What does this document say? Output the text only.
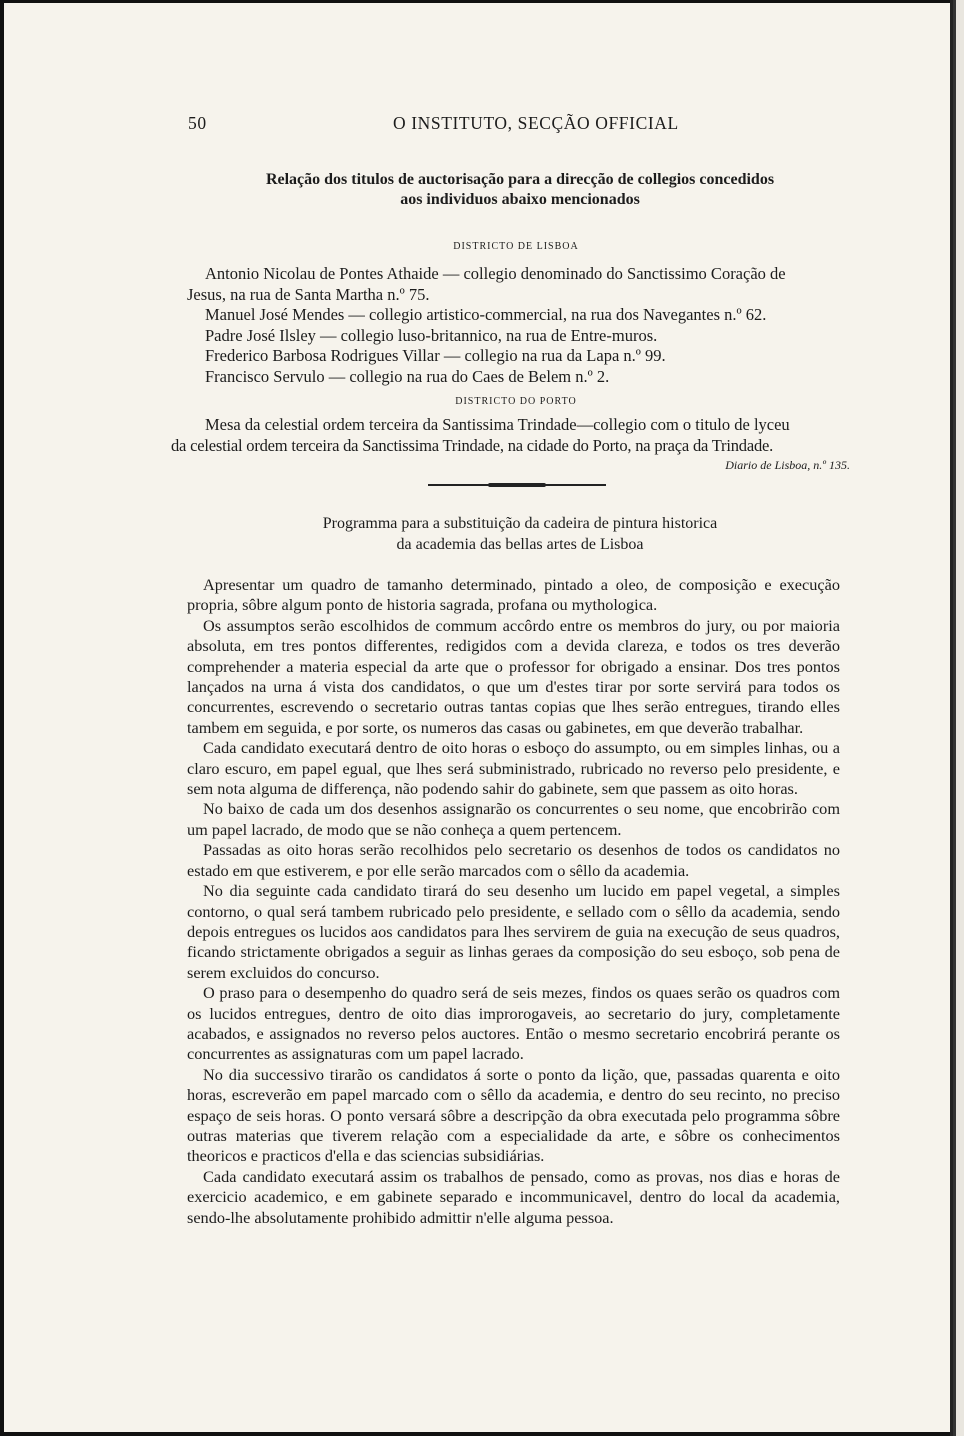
50	O INSTITUTO, SECÇÃO OFFICIAL
Relação dos titulos de auctorisação para a direcção de collegios concedidos
aos individuos abaixo mencionados
DISTRICTO DE LISBOA

Antonio Nicolau de Pontes Athaide — collegio denominado do Sanctissimo Coração de

Jesus, na rua de Santa Martha n.º 75.

Manuel José Mendes — collegio artistico-commercial, na rua dos Navegantes n.º 62.

Padre José Ilsley — collegio luso-britannico, na rua de Entre-muros.

Frederico Barbosa Rodrigues Villar — collegio na rua da Lapa n.º 99.

Francisco Servulo — collegio na rua do Caes de Belem n.º 2.

DISTRICTO DO PORTO

Mesa da celestial ordem terceira da Santissima Trindade—collegio com o titulo de lyceu

da celestial ordem terceira da Sanctissima Trindade, na cidade do Porto, na praça da Trindade.

Diario de Lisboa, n.º 135.
Programma para a substituição da cadeira de pintura historica
da academia das bellas artes de Lisboa

Apresentar um quadro de tamanho determinado, pintado a oleo, de composição e execução propria, sôbre algum ponto de historia sagrada, profana ou mythologica.

Os assumptos serão escolhidos de commum accôrdo entre os membros do jury, ou por maioria absoluta, em tres pontos differentes, redigidos com a devida clareza, e todos os tres deverão comprehender a materia especial da arte que o professor for obrigado a ensinar. Dos tres pontos lançados na urna á vista dos candidatos, o que um d'estes tirar por sorte servirá para todos os concurrentes, escrevendo o secretario outras tantas copias que lhes serão entregues, tirando elles tambem em seguida, e por sorte, os numeros das casas ou gabinetes, em que deverão trabalhar.

Cada candidato executará dentro de oito horas o esboço do assumpto, ou em simples linhas, ou a claro escuro, em papel egual, que lhes será subministrado, rubricado no reverso pelo presidente, e sem nota alguma de differença, não podendo sahir do gabinete, sem que passem as oito horas.

No baixo de cada um dos desenhos assignarão os concurrentes o seu nome, que encobrirão com um papel lacrado, de modo que se não conheça a quem pertencem.

Passadas as oito horas serão recolhidos pelo secretario os desenhos de todos os candidatos no estado em que estiverem, e por elle serão marcados com o sêllo da academia.

No dia seguinte cada candidato tirará do seu desenho um lucido em papel vegetal, a simples contorno, o qual será tambem rubricado pelo presidente, e sellado com o sêllo da academia, sendo depois entregues os lucidos aos candidatos para lhes servirem de guia na execução de seus quadros, ficando strictamente obrigados a seguir as linhas geraes da composição do seu esboço, sob pena de serem excluidos do concurso.

O praso para o desempenho do quadro será de seis mezes, findos os quaes serão os quadros com os lucidos entregues, dentro de oito dias improrogaveis, ao secretario do jury, completamente acabados, e assignados no reverso pelos auctores. Então o mesmo secretario encobrirá perante os concurrentes as assignaturas com um papel lacrado.

No dia successivo tirarão os candidatos á sorte o ponto da lição, que, passadas quarenta e oito horas, escreverão em papel marcado com o sêllo da academia, e dentro do seu recinto, no preciso espaço de seis horas. O ponto versará sôbre a descripção da obra executada pelo programma sôbre outras materias que tiverem relação com a especialidade da arte, e sôbre os conhecimentos theoricos e practicos d'ella e das sciencias subsidiárias.

Cada candidato executará assim os trabalhos de pensado, como as provas, nos dias e horas de exercicio academico, e em gabinete separado e incommunicavel, dentro do local da academia, sendo-lhe absolutamente prohibido admittir n'elle alguma pessoa.
